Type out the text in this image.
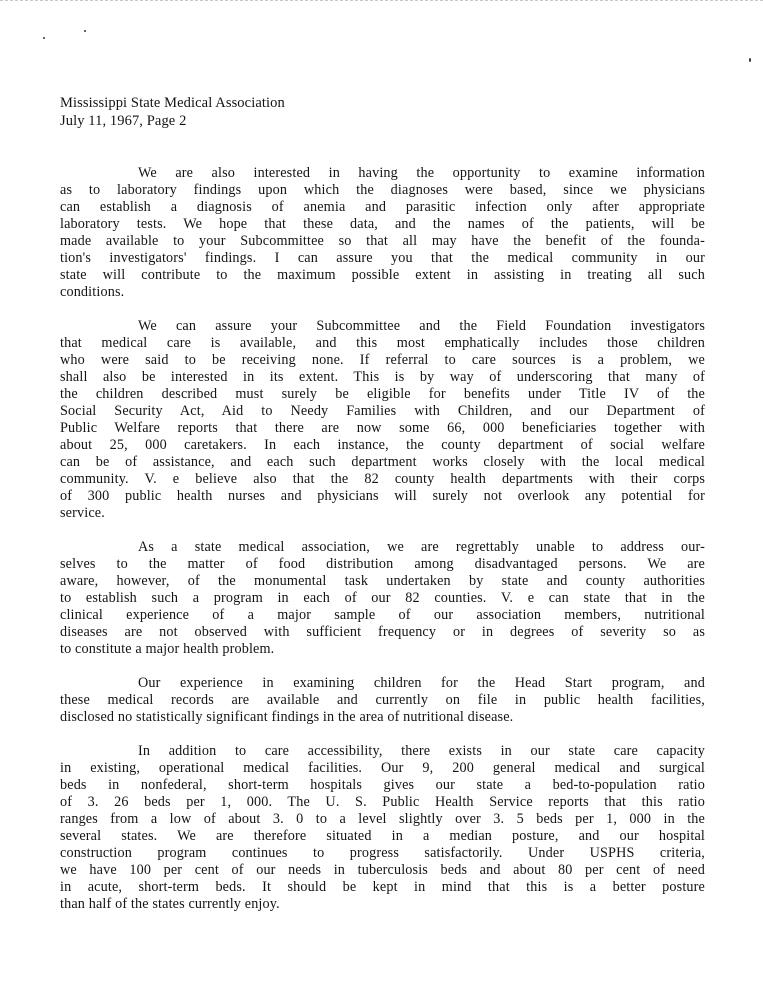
Mississippi State Medical Association
July 11, 1967, Page 2
We are also interested in having the opportunity to examine information
as to laboratory findings upon which the diagnoses were based, since we physicians
can establish a diagnosis of anemia and parasitic infection only after appropriate
laboratory tests. We hope that these data, and the names of the patients, will be
made available to your Subcommittee so that all may have the benefit of the founda-
tion's investigators' findings. I can assure you that the medical community in our
state will contribute to the maximum possible extent in assisting in treating all such
conditions.
We can assure your Subcommittee and the Field Foundation investigators
that medical care is available, and this most emphatically includes those children
who were said to be receiving none. If referral to care sources is a problem, we
shall also be interested in its extent. This is by way of underscoring that many of
the children described must surely be eligible for benefits under Title IV of the
Social Security Act, Aid to Needy Families with Children, and our Department of
Public Welfare reports that there are now some 66, 000 beneficiaries together with
about 25, 000 caretakers. In each instance, the county department of social welfare
can be of assistance, and each such department works closely with the local medical
community. V. e believe also that the 82 county health departments with their corps
of 300 public health nurses and physicians will surely not overlook any potential for
service.
As a state medical association, we are regrettably unable to address our-
selves to the matter of food distribution among disadvantaged persons. We are
aware, however, of the monumental task undertaken by state and county authorities
to establish such a program in each of our 82 counties. V. e can state that in the
clinical experience of a major sample of our association members, nutritional
diseases are not observed with sufficient frequency or in degrees of severity so as
to constitute a major health problem.
Our experience in examining children for the Head Start program, and
these medical records are available and currently on file in public health facilities,
disclosed no statistically significant findings in the area of nutritional disease.
In addition to care accessibility, there exists in our state care capacity
in existing, operational medical facilities. Our 9, 200 general medical and surgical
beds in nonfederal, short-term hospitals gives our state a bed-to-population ratio
of 3. 26 beds per 1, 000. The U. S. Public Health Service reports that this ratio
ranges from a low of about 3. 0 to a level slightly over 3. 5 beds per 1, 000 in the
several states. We are therefore situated in a median posture, and our hospital
construction program continues to progress satisfactorily. Under USPHS criteria,
we have 100 per cent of our needs in tuberculosis beds and about 80 per cent of need
in acute, short-term beds. It should be kept in mind that this is a better posture
than half of the states currently enjoy.
